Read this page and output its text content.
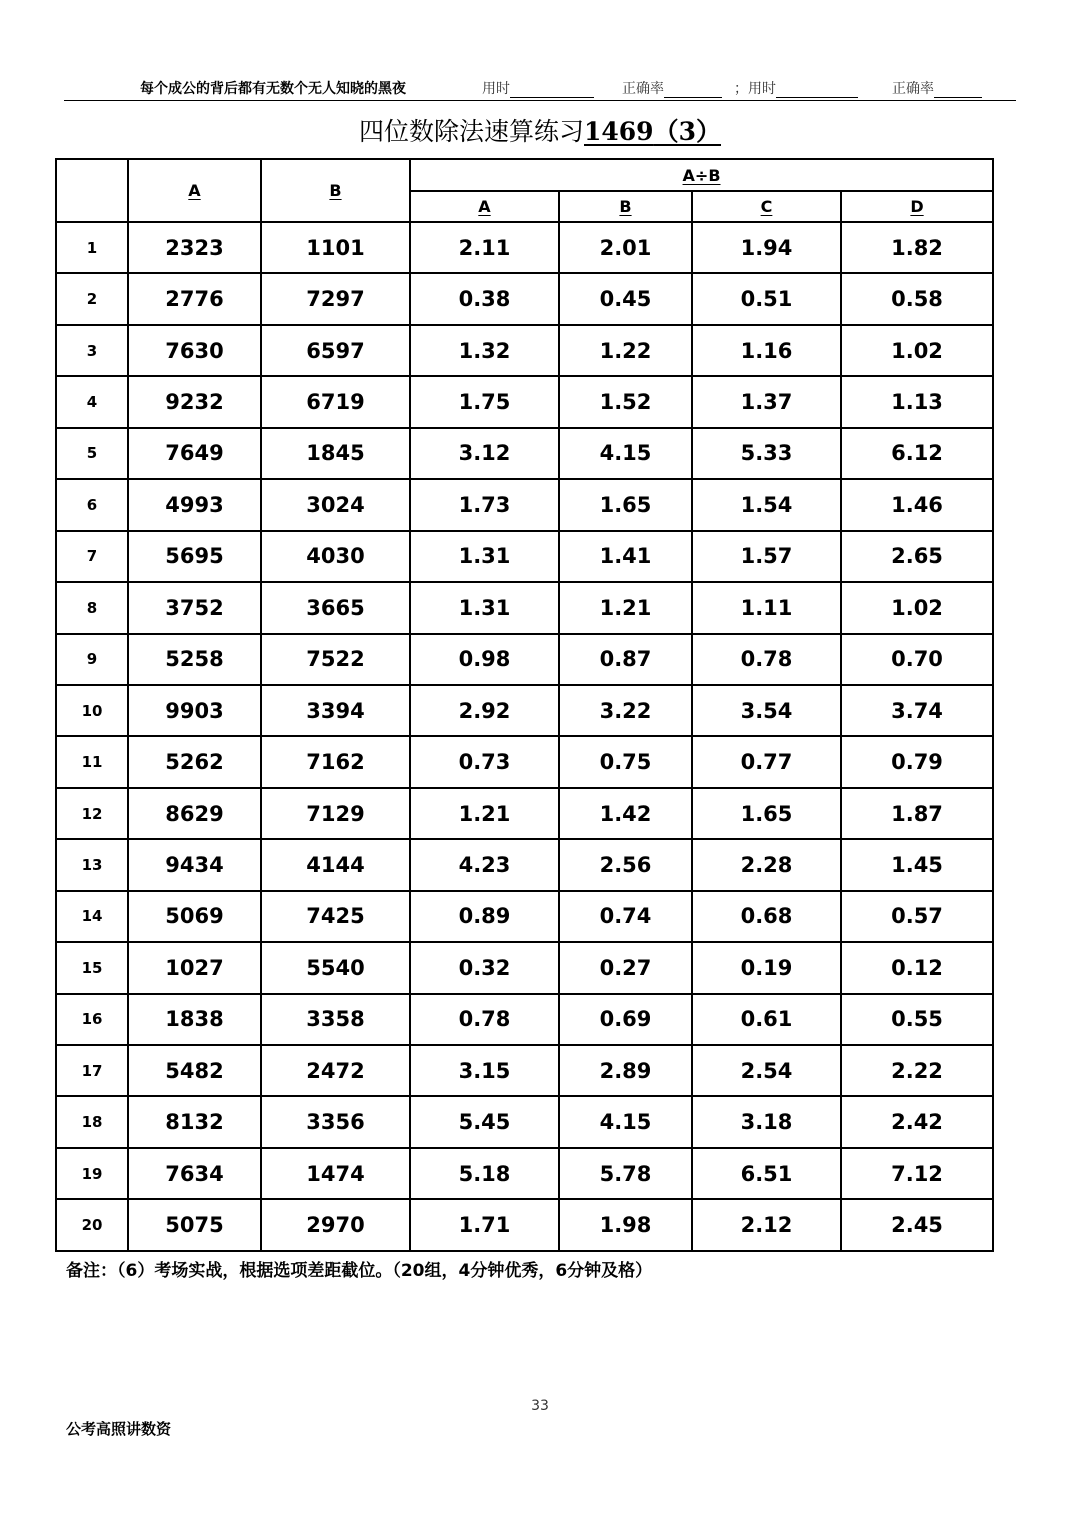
每个成公的背后都有无数个无人知晓的黑夜	用时	正确率	；用时	正确率
四位数除法速算练习1469（3）
	A	B	A÷B			
			A	B	C	D
1	2323	1101	2.11	2.01	1.94	1.82
2	2776	7297	0.38	0.45	0.51	0.58
3	7630	6597	1.32	1.22	1.16	1.02
4	9232	6719	1.75	1.52	1.37	1.13
5	7649	1845	3.12	4.15	5.33	6.12
6	4993	3024	1.73	1.65	1.54	1.46
7	5695	4030	1.31	1.41	1.57	2.65
8	3752	3665	1.31	1.21	1.11	1.02
9	5258	7522	0.98	0.87	0.78	0.70
10	9903	3394	2.92	3.22	3.54	3.74
11	5262	7162	0.73	0.75	0.77	0.79
12	8629	7129	1.21	1.42	1.65	1.87
13	9434	4144	4.23	2.56	2.28	1.45
14	5069	7425	0.89	0.74	0.68	0.57
15	1027	5540	0.32	0.27	0.19	0.12
16	1838	3358	0.78	0.69	0.61	0.55
17	5482	2472	3.15	2.89	2.54	2.22
18	8132	3356	5.45	4.15	3.18	2.42
19	7634	1474	5.18	5.78	6.51	7.12
20	5075	2970	1.71	1.98	2.12	2.45
备注：（6）考场实战，根据选项差距截位。（20组，4分钟优秀，6分钟及格）
33
公考高照讲数资
